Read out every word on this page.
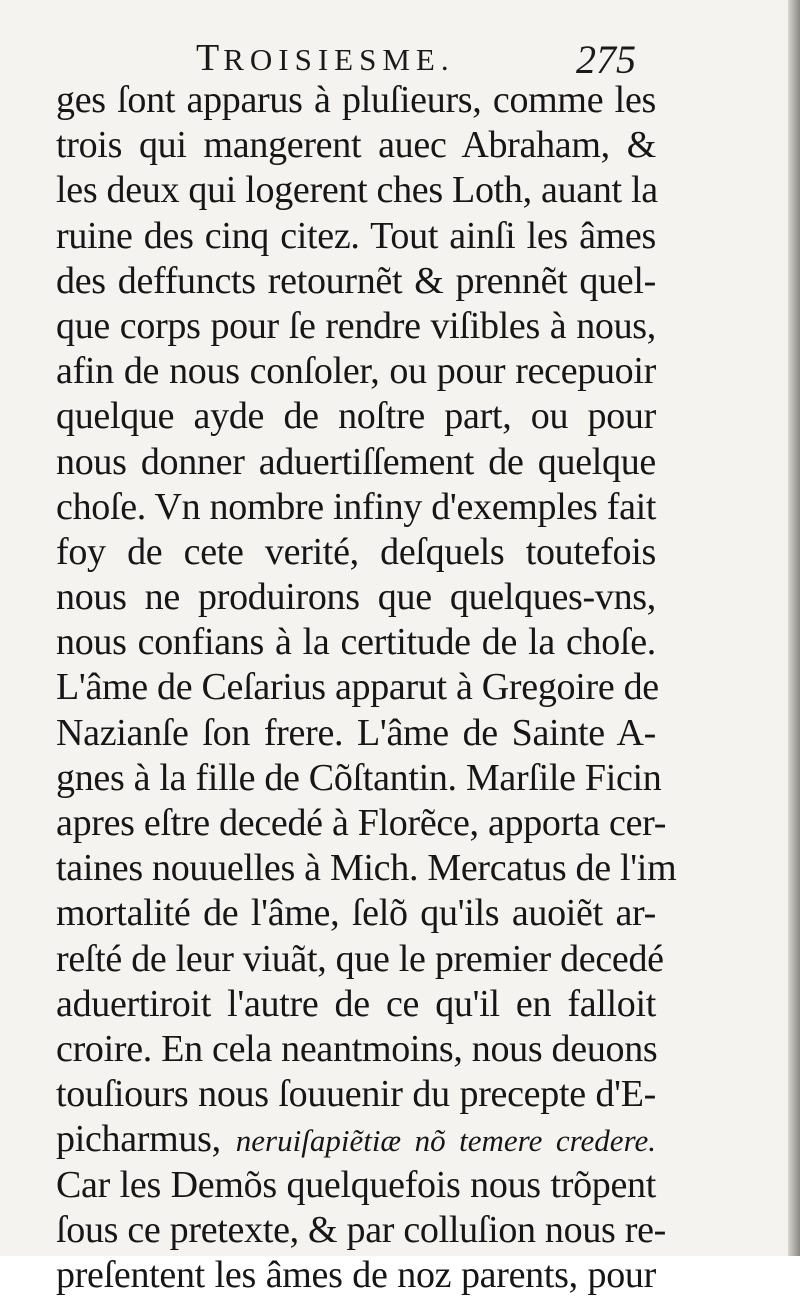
TROISIESME.	275
ges ſont apparus à pluſieurs, comme les
trois qui mangerent auec Abraham, &
les deux qui logerent ches Loth, auant la
ruine des cinq citez. Tout ainſi les âmes
des deffuncts retournẽt & prennẽt quel-
que corps pour ſe rendre viſibles à nous,
afin de nous conſoler, ou pour recepuoir
quelque ayde de noſtre part, ou pour
nous donner aduertiſſement de quelque
choſe. Vn nombre infiny d'exemples fait
foy de cete verité, deſquels toutefois
nous ne produirons que quelques-vns,
nous confians à la certitude de la choſe.
L'âme de Ceſarius apparut à Gregoire de
Nazianſe ſon frere. L'âme de Sainte A-
gnes à la fille de Cõſtantin. Marſile Ficin
apres eſtre decedé à Florẽce, apporta cer-
taines nouuelles à Mich. Mercatus de l'im
mortalité de l'âme, ſelõ qu'ils auoiẽt ar-
reſté de leur viuãt, que le premier decedé
aduertiroit l'autre de ce qu'il en falloit
croire. En cela neantmoins, nous deuons
touſiours nous ſouuenir du precepte d'E-
picharmus, neruiſapiẽtiæ nõ temere credere.
Car les Demõs quelquefois nous trõpent
ſous ce pretexte, & par colluſion nous re-
preſentent les âmes de noz parents, pour
